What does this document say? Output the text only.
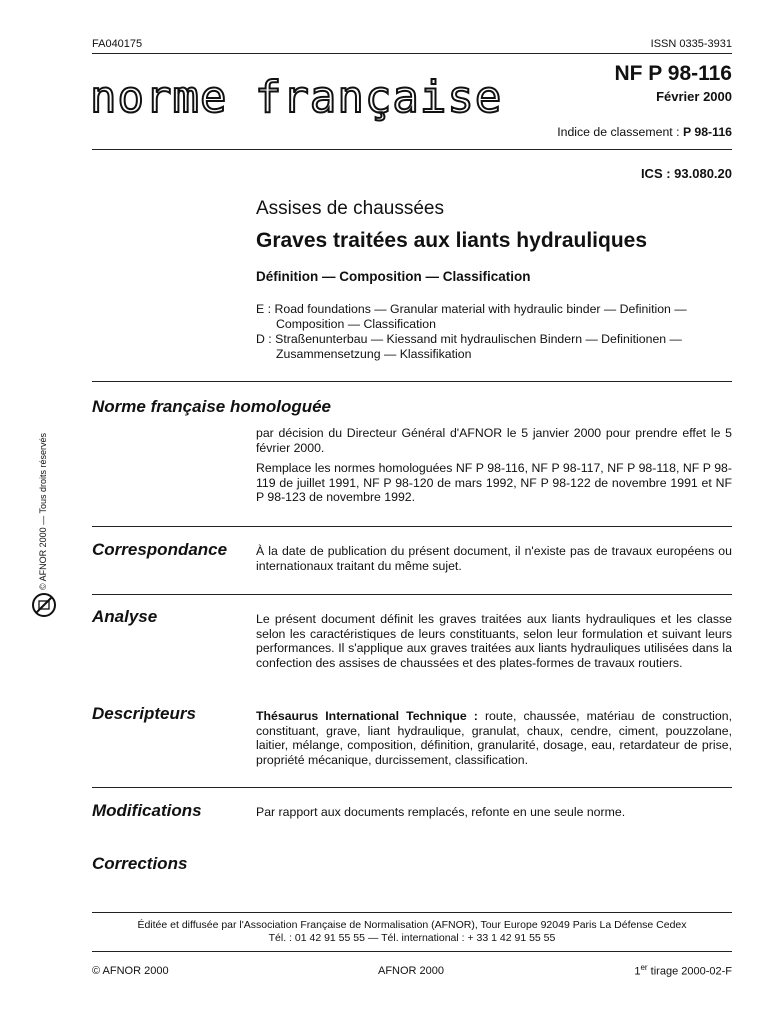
FA040175	ISSN 0335-3931
norme française	NF P 98-116
Février 2000
Indice de classement : P 98-116
ICS : 93.080.20
Assises de chaussées
Graves traitées aux liants hydrauliques
Définition — Composition — Classification
E : Road foundations — Granular material with hydraulic binder — Definition —
Composition — Classification
D : Straßenunterbau — Kiessand mit hydraulischen Bindern — Definitionen —
Zusammensetzung — Klassifikation
© AFNOR 2000 — Tous droits réservés
Norme française homologuée
par décision du Directeur Général d'AFNOR le 5 janvier 2000 pour prendre effet le 5 février 2000.
Remplace les normes homologuées NF P 98-116, NF P 98-117, NF P 98-118, NF P 98-119 de juillet 1991, NF P 98-120 de mars 1992, NF P 98-122 de novembre 1991 et NF P 98-123 de novembre 1992.
Correspondance À la date de publication du présent document, il n'existe pas de travaux européens ou internationaux traitant du même sujet.
Analyse	Le présent document définit les graves traitées aux liants hydrauliques et les classe selon les caractéristiques de leurs constituants, selon leur formulation et suivant leurs performances. Il s'applique aux graves traitées aux liants hydrauliques utilisées dans la confection des assises de chaussées et des plates-formes de travaux routiers.
Descripteurs	Thésaurus International Technique : route, chaussée, matériau de construction, constituant, grave, liant hydraulique, granulat, chaux, cendre, ciment, pouzzolane, laitier, mélange, composition, définition, granularité, dosage, eau, retardateur de prise, propriété mécanique, durcissement, classification.
Modifications	Par rapport aux documents remplacés, refonte en une seule norme.
Corrections
Éditée et diffusée par l'Association Française de Normalisation (AFNOR), Tour Europe 92049 Paris La Défense Cedex
Tél. : 01 42 91 55 55 — Tél. international : + 33 1 42 91 55 55
© AFNOR 2000	AFNOR 2000	1er tirage 2000-02-F
